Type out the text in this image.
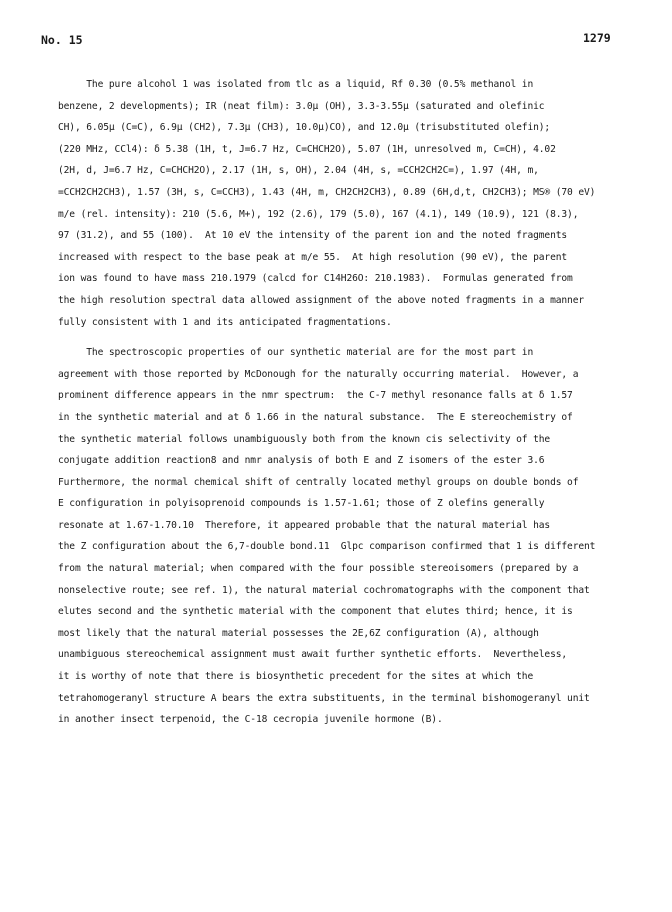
No. 15	1279
The pure alcohol 1 was isolated from tlc as a liquid, Rf 0.30 (0.5% methanol in
benzene, 2 developments); IR (neat film): 3.0µ (OH), 3.3-3.55µ (saturated and olefinic
CH), 6.05µ (C=C), 6.9µ (CH2), 7.3µ (CH3), 10.0µ)CO), and 12.0µ (trisubstituted olefin);
(220 MHz, CCl4): δ 5.38 (1H, t, J=6.7 Hz, C=CHCH2O), 5.07 (1H, unresolved m, C=CH), 4.02
(2H, d, J=6.7 Hz, C=CHCH2O), 2.17 (1H, s, OH), 2.04 (4H, s, =CCH2CH2C=), 1.97 (4H, m,
=CCH2CH2CH3), 1.57 (3H, s, C=CCH3), 1.43 (4H, m, CH2CH2CH3), 0.89 (6H,d,t, CH2CH3); MS® (70 eV)
m/e (rel. intensity): 210 (5.6, M+), 192 (2.6), 179 (5.0), 167 (4.1), 149 (10.9), 121 (8.3),
97 (31.2), and 55 (100).  At 10 eV the intensity of the parent ion and the noted fragments
increased with respect to the base peak at m/e 55.  At high resolution (90 eV), the parent
ion was found to have mass 210.1979 (calcd for C14H26O: 210.1983).  Formulas generated from
the high resolution spectral data allowed assignment of the above noted fragments in a manner
fully consistent with 1 and its anticipated fragmentations.
The spectroscopic properties of our synthetic material are for the most part in
agreement with those reported by McDonough for the naturally occurring material.  However, a
prominent difference appears in the nmr spectrum:  the C-7 methyl resonance falls at δ 1.57
in the synthetic material and at δ 1.66 in the natural substance.  The E stereochemistry of
the synthetic material follows unambiguously both from the known cis selectivity of the
conjugate addition reaction8 and nmr analysis of both E and Z isomers of the ester 3.6
Furthermore, the normal chemical shift of centrally located methyl groups on double bonds of
E configuration in polyisoprenoid compounds is 1.57-1.61; those of Z olefins generally
resonate at 1.67-1.70.10  Therefore, it appeared probable that the natural material has
the Z configuration about the 6,7-double bond.11  Glpc comparison confirmed that 1 is different
from the natural material; when compared with the four possible stereoisomers (prepared by a
nonselective route; see ref. 1), the natural material cochromatographs with the component that
elutes second and the synthetic material with the component that elutes third; hence, it is
most likely that the natural material possesses the 2E,6Z configuration (A), although
unambiguous stereochemical assignment must await further synthetic efforts.  Nevertheless,
it is worthy of note that there is biosynthetic precedent for the sites at which the
tetrahomogeranyl structure A bears the extra substituents, in the terminal bishomogeranyl unit
in another insect terpenoid, the C-18 cecropia juvenile hormone (B).
